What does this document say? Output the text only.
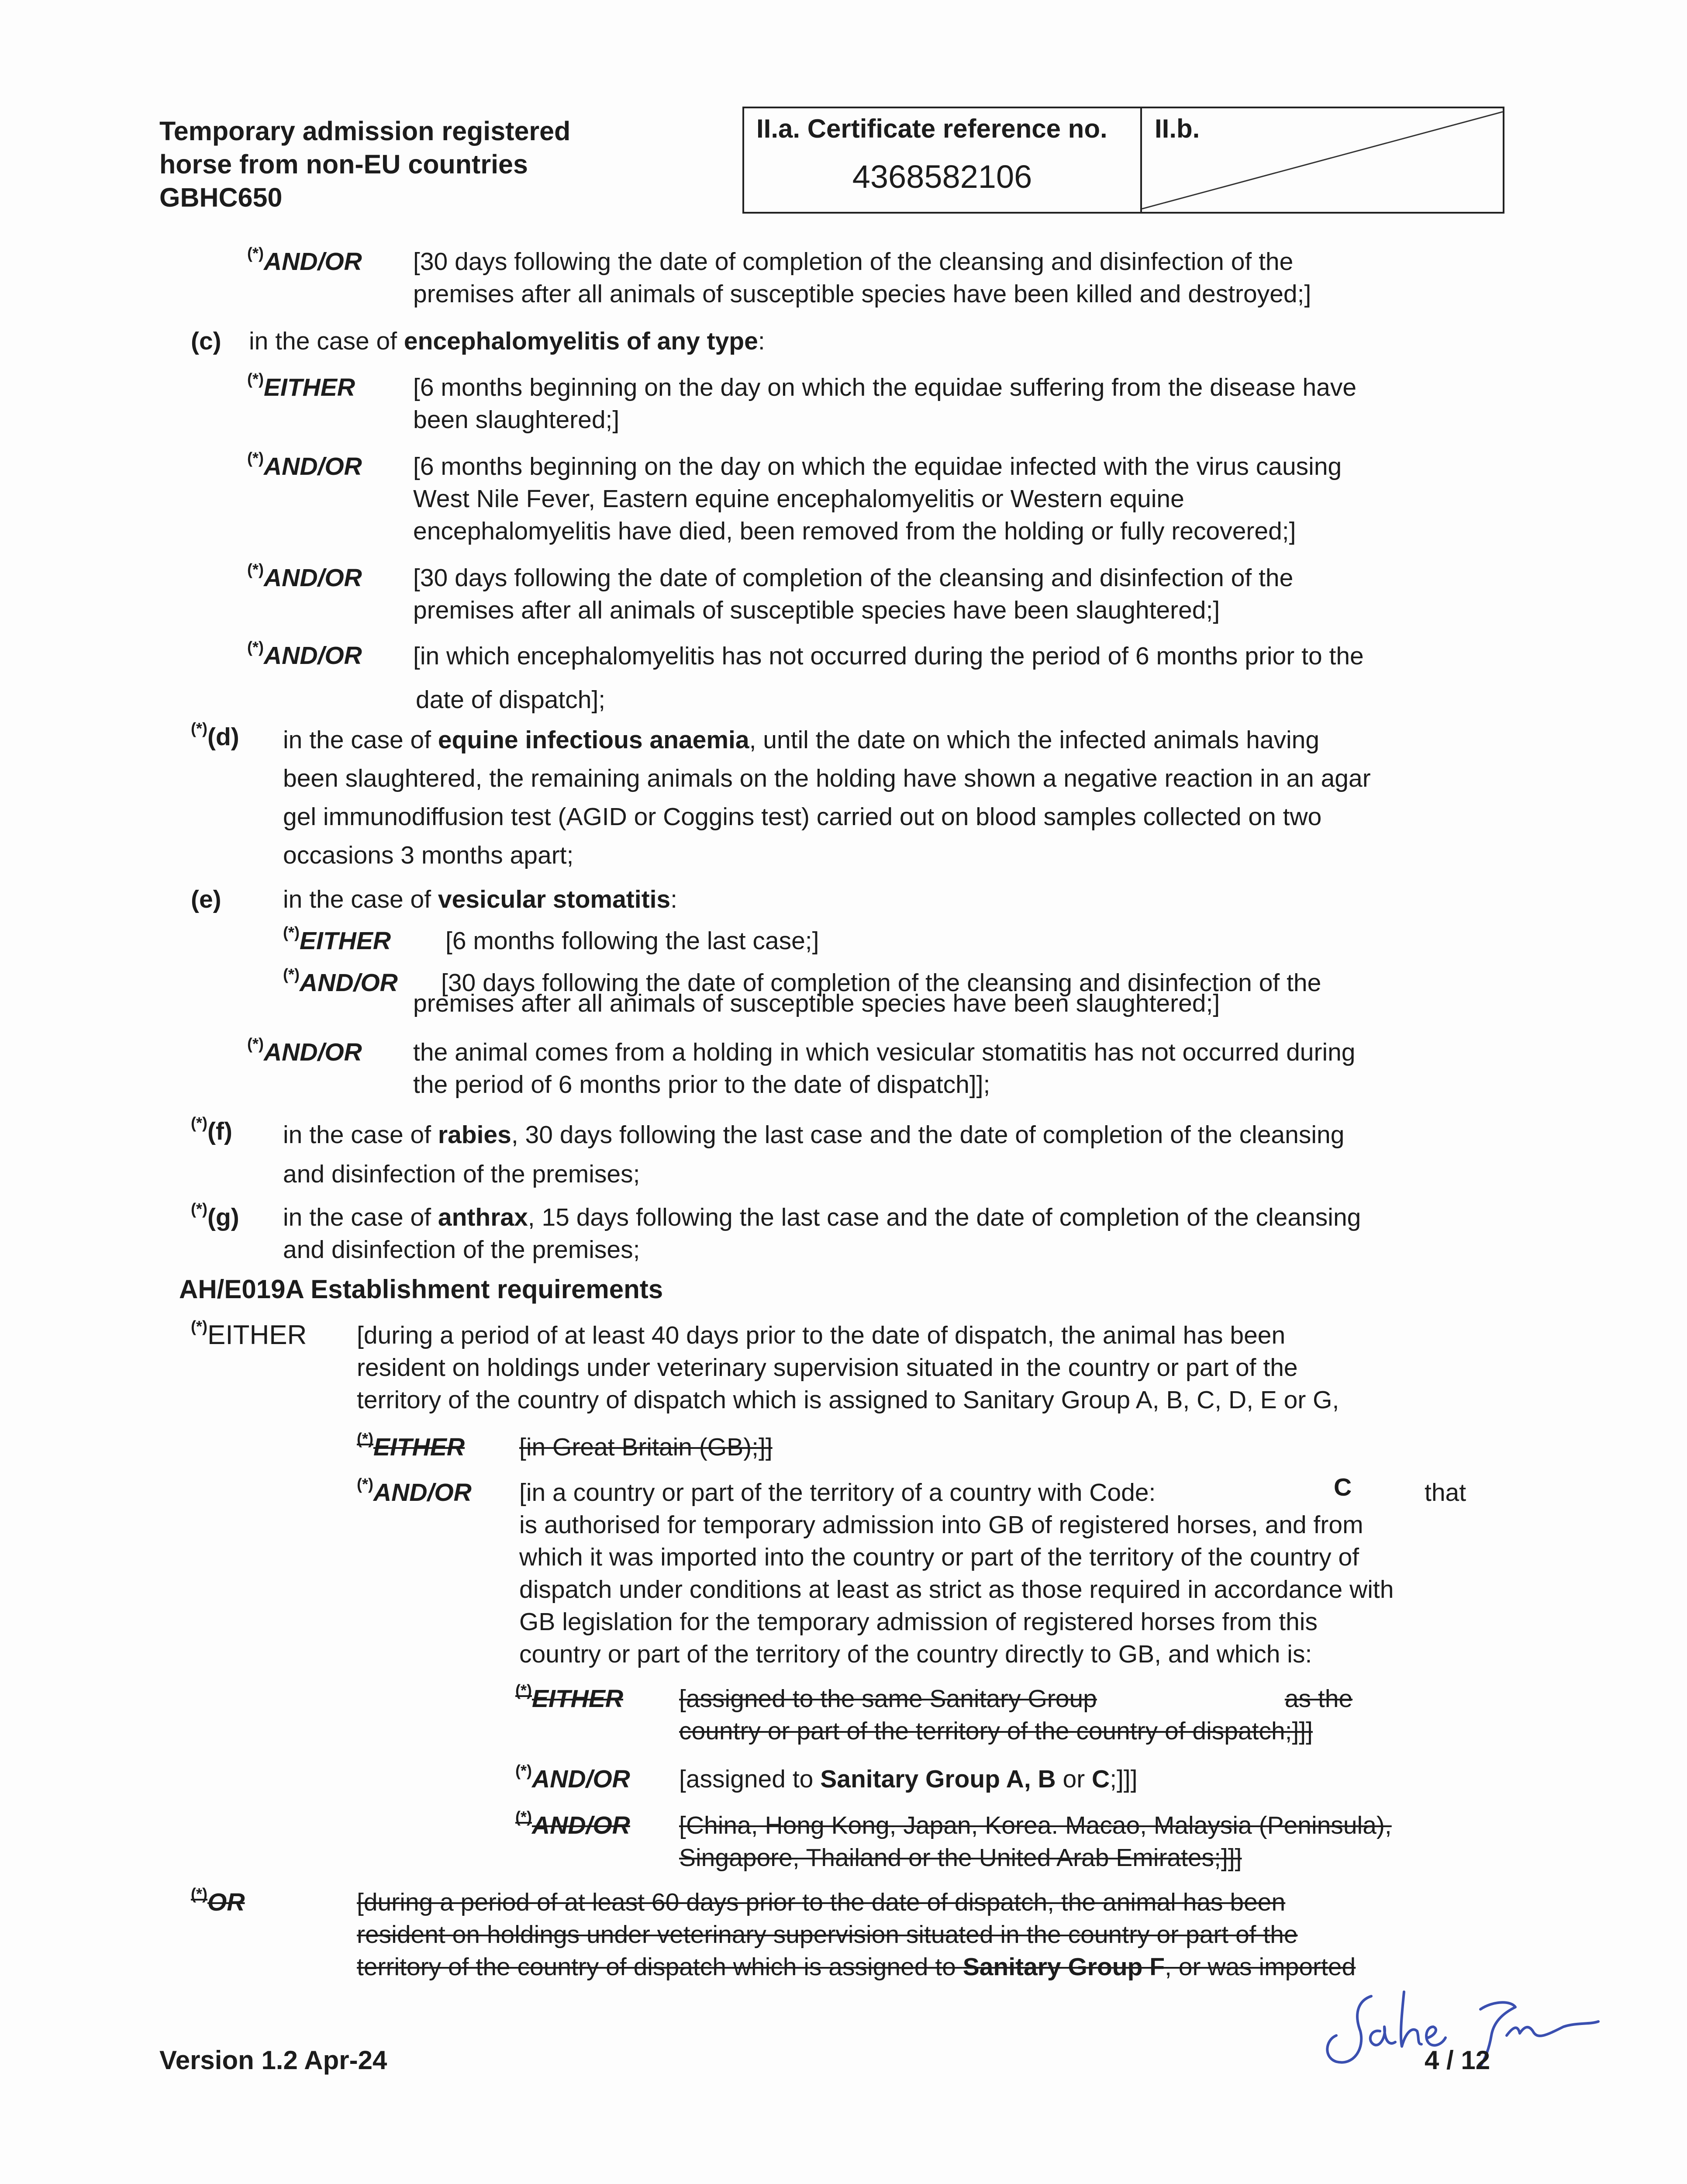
Temporary admission registered
horse from non-EU countries
GBHC650
II.a. Certificate reference no.
4368582106
II.b.
(*)AND/OR	[30 days following the date of completion of the cleansing and disinfection of the
premises after all animals of susceptible species have been killed and destroyed;]
(c) in the case of encephalomyelitis of any type:
(*)EITHER	[6 months beginning on the day on which the equidae suffering from the disease have
been slaughtered;]
(*)AND/OR	[6 months beginning on the day on which the equidae infected with the virus causing
West Nile Fever, Eastern equine encephalomyelitis or Western equine
encephalomyelitis have died, been removed from the holding or fully recovered;]
(*)AND/OR	[30 days following the date of completion of the cleansing and disinfection of the
premises after all animals of susceptible species have been slaughtered;]
(*)AND/OR	[in which encephalomyelitis has not occurred during the period of 6 months prior to the
date of dispatch];
(*)(d) in the case of equine infectious anaemia, until the date on which the infected animals having
been slaughtered, the remaining animals on the holding have shown a negative reaction in an agar
gel immunodiffusion test (AGID or Coggins test) carried out on blood samples collected on two
occasions 3 months apart;
(e) in the case of vesicular stomatitis:
(*)EITHER	[6 months following the last case;]
(*)AND/OR	[30 days following the date of completion of the cleansing and disinfection of the
premises after all animals of susceptible species have been slaughtered;]
(*)AND/OR	the animal comes from a holding in which vesicular stomatitis has not occurred during
the period of 6 months prior to the date of dispatch]];
(*)(f) in the case of rabies, 30 days following the last case and the date of completion of the cleansing
and disinfection of the premises;
(*)(g) in the case of anthrax, 15 days following the last case and the date of completion of the cleansing
and disinfection of the premises;
AH/E019A Establishment requirements
(*)EITHER [during a period of at least 40 days prior to the date of dispatch, the animal has been
resident on holdings under veterinary supervision situated in the country or part of the
territory of the country of dispatch which is assigned to Sanitary Group A, B, C, D, E or G,
(*)EITHER [in Great Britain (GB);]]
(*)AND/OR [in a country or part of the territory of a country with Code:	C	that
is authorised for temporary admission into GB of registered horses, and from
which it was imported into the country or part of the territory of the country of
dispatch under conditions at least as strict as those required in accordance with
GB legislation for the temporary admission of registered horses from this
country or part of the territory of the country directly to GB, and which is:
(*)EITHER [assigned to the same Sanitary Group	as the
country or part of the territory of the country of dispatch;]]]
(*)AND/OR [assigned to Sanitary Group A, B or C;]]]
(*)AND/OR [China, Hong Kong, Japan, Korea. Macao, Malaysia (Peninsula),
Singapore, Thailand or the United Arab Emirates;]]]
(*)OR	[during a period of at least 60 days prior to the date of dispatch, the animal has been
resident on holdings under veterinary supervision situated in the country or part of the
territory of the country of dispatch which is assigned to Sanitary Group F, or was imported
Version 1.2 Apr-24	4 / 12
